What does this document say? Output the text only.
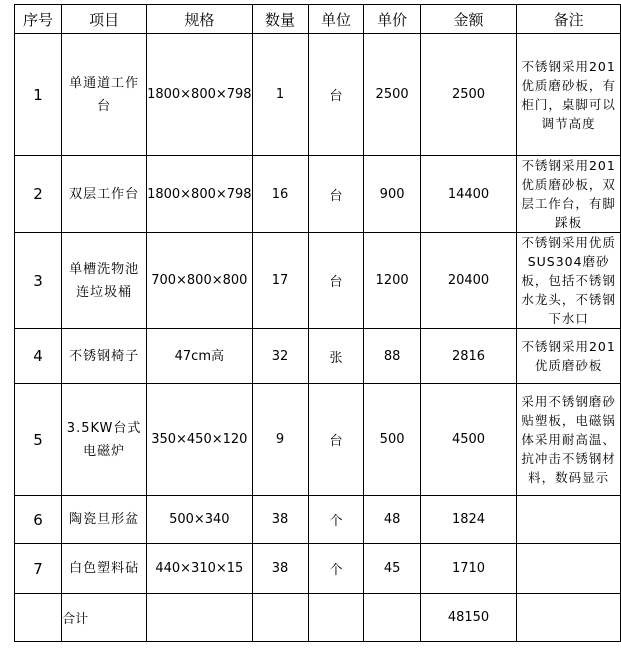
序号	项目	规格	数量	单位	单价	金额	备注
1	单通道工作台	1800×800×798	1	台	2500	2500	不锈钢采用201优质磨砂板，有柜门，桌脚可以调节高度
2	双层工作台	1800×800×798	16	台	900	14400	不锈钢采用201优质磨砂板，双层工作台，有脚踩板
3	单槽洗物池连垃圾桶	700×800×800	17	台	1200	20400	不锈钢采用优质SUS304磨砂板，包括不锈钢水龙头，不锈钢下水口
4	不锈钢椅子	47cm高	32	张	88	2816	不锈钢采用201优质磨砂板
5	3.5KW台式电磁炉	350×450×120	9	台	500	4500	采用不锈钢磨砂贴塑板，电磁锅体采用耐高温、抗冲击不锈钢材料，数码显示
6	陶瓷旦形盆	500×340	38	个	48	1824	
7	白色塑料砧	440×310×15	38	个	45	1710	
	合计					48150	
